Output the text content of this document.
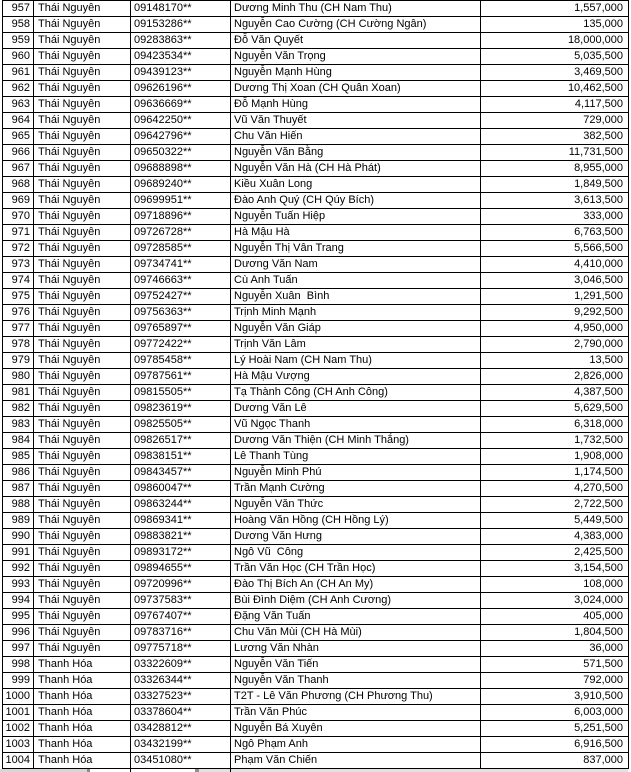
957 Thái Nguyên	09148170**	Dương Minh Thu (CH Nam Thu)	1,557,000
958 Thái Nguyên	09153286**	Nguyễn Cao Cường (CH Cường Ngân)	135,000
959 Thái Nguyên	09283863**	Đỗ Văn Quyết	18,000,000
960 Thái Nguyên	09423534**	Nguyễn Văn Trọng	5,035,500
961 Thái Nguyên	09439123**	Nguyễn Mạnh Hùng	3,469,500
962 Thái Nguyên	09626196**	Dương Thị Xoan (CH Quân Xoan)	10,462,500
963 Thái Nguyên	09636669**	Đỗ Mạnh Hùng	4,117,500
964 Thái Nguyên	09642250**	Vũ Văn Thuyết	729,000
965 Thái Nguyên	09642796**	Chu Văn Hiến	382,500
966 Thái Nguyên	09650322**	Nguyễn Văn Bằng	11,731,500
967 Thái Nguyên	09688898**	Nguyễn Văn Hà (CH Hà Phát)	8,955,000
968 Thái Nguyên	09689240**	Kiều Xuân Long	1,849,500
969 Thái Nguyên	09699951**	Đào Anh Quý (CH Qúy Bích)	3,613,500
970 Thái Nguyên	09718896**	Nguyễn Tuấn Hiệp	333,000
971 Thái Nguyên	09726728**	Hà Mậu Hà	6,763,500
972 Thái Nguyên	09728585**	Nguyễn Thị Vân Trang	5,566,500
973 Thái Nguyên	09734741**	Dương Văn Nam	4,410,000
974 Thái Nguyên	09746663**	Cù Anh Tuấn	3,046,500
975 Thái Nguyên	09752427**	Nguyễn Xuân  Bình	1,291,500
976 Thái Nguyên	09756363**	Trịnh Minh Mạnh	9,292,500
977 Thái Nguyên	09765897**	Nguyễn Văn Giáp	4,950,000
978 Thái Nguyên	09772422**	Trịnh Văn Lâm	2,790,000
979 Thái Nguyên	09785458**	Lý Hoài Nam (CH Nam Thu)	13,500
980 Thái Nguyên	09787561**	Hà Mậu Vượng	2,826,000
981 Thái Nguyên	09815505**	Tạ Thành Công (CH Anh Công)	4,387,500
982 Thái Nguyên	09823619**	Dương Văn Lê	5,629,500
983 Thái Nguyên	09825505**	Vũ Ngọc Thanh	6,318,000
984 Thái Nguyên	09826517**	Dương Văn Thiện (CH Minh Thắng)	1,732,500
985 Thái Nguyên	09838151**	Lê Thanh Tùng	1,908,000
986 Thái Nguyên	09843457**	Nguyễn Minh Phú	1,174,500
987 Thái Nguyên	09860047**	Trần Mạnh Cường	4,270,500
988 Thái Nguyên	09863244**	Nguyễn Văn Thức	2,722,500
989 Thái Nguyên	09869341**	Hoàng Văn Hồng (CH Hồng Lý)	5,449,500
990 Thái Nguyên	09883821**	Dương Văn Hưng	4,383,000
991 Thái Nguyên	09893172**	Ngô Vũ  Công	2,425,500
992 Thái Nguyên	09894655**	Trần Văn Học (CH Trần Học)	3,154,500
993 Thái Nguyên	09720996**	Đào Thị Bích An (CH An My)	108,000
994 Thái Nguyên	09737583**	Bùi Đình Diệm (CH Anh Cương)	3,024,000
995 Thái Nguyên	09767407**	Đặng Văn Tuấn	405,000
996 Thái Nguyên	09783716**	Chu Văn Mùi (CH Hà Mùi)	1,804,500
997 Thái Nguyên	09775718**	Lương Văn Nhàn	36,000
998 Thanh Hóa	03322609**	Nguyễn Văn Tiến	571,500
999 Thanh Hóa	03326344**	Nguyễn Văn Thanh	792,000
1000 Thanh Hóa	03327523**	T2T - Lê Văn Phương (CH Phương Thu)	3,910,500
1001 Thanh Hóa	03378604**	Trần Văn Phúc	6,003,000
1002 Thanh Hóa	03428812**	Nguyễn Bá Xuyên	5,251,500
1003 Thanh Hóa	03432199**	Ngô Phạm Anh	6,916,500
1004 Thanh Hóa	03451080**	Phạm Văn Chiến	837,000
